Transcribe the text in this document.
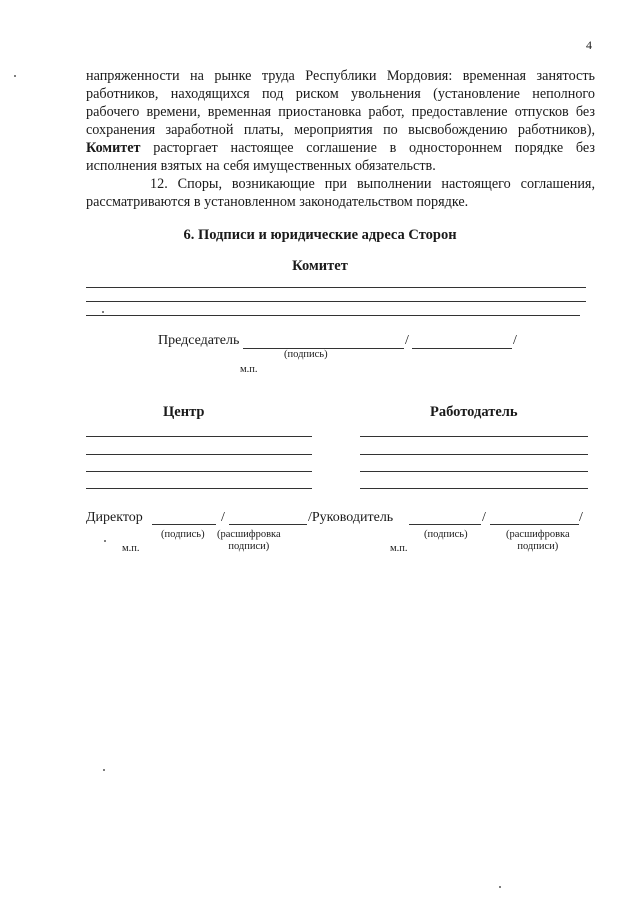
4
напряженности на рынке труда Республики Мордовия: временная занятость работников, находящихся под риском увольнения (установление неполного рабочего времени, временная приостановка работ, предоставление отпусков без сохранения заработной платы, мероприятия по высвобождению работников), Комитет расторгает настоящее соглашение в одностороннем порядке без исполнения взятых на себя имущественных обязательств.
12. Споры, возникающие при выполнении настоящего соглашения, рассматриваются в установленном законодательством порядке.
6. Подписи и юридические адреса Сторон
Комитет
Председатель	/	/
(подпись)
м.п.
Центр	Работодатель
Директор	/	/Руководитель	/	/
(подпись) (расшифровка
подписи)
м.п.
(подпись)	(расшифровка
подписи)
м.п.
